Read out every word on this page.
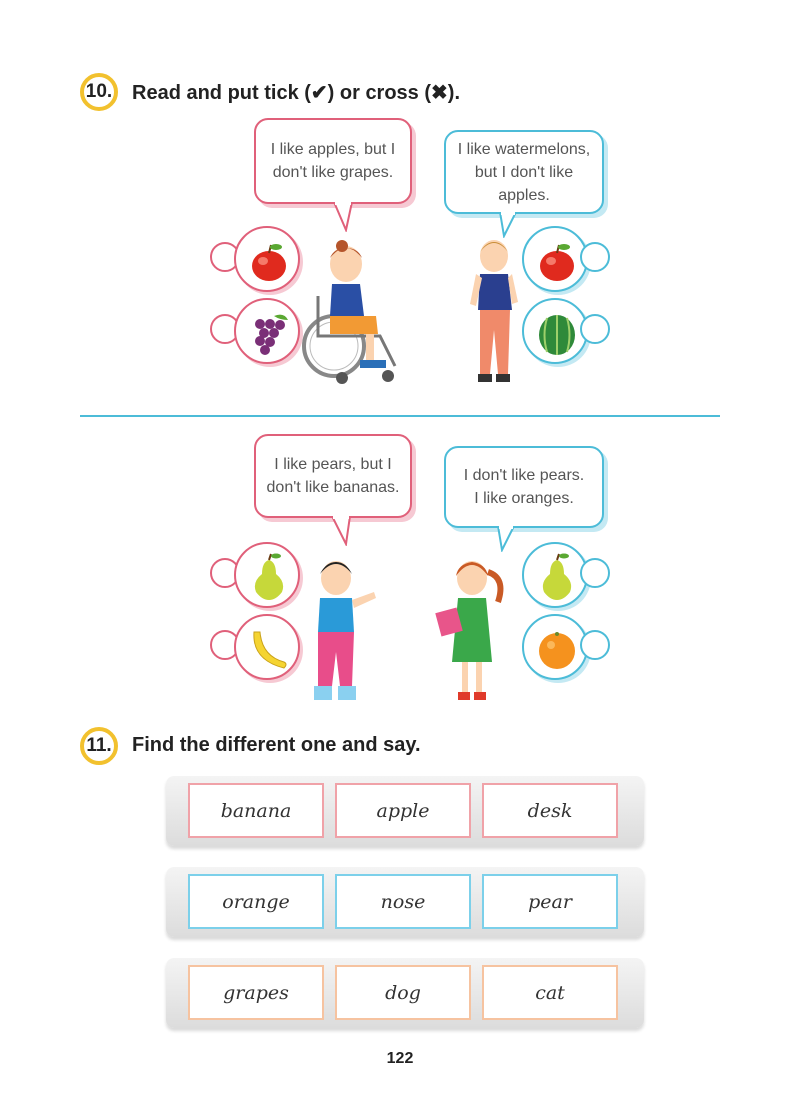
10. Read and put tick (✔) or cross (✖).
I like apples, but I
don't like grapes.
I like watermelons,
but I don't like
apples.
I like pears, but I
don't like bananas.
I don't like pears.
I like oranges.
11.	Find the different one and say.
banana	apple	desk
orange	nose	pear
grapes	dog	cat
122
